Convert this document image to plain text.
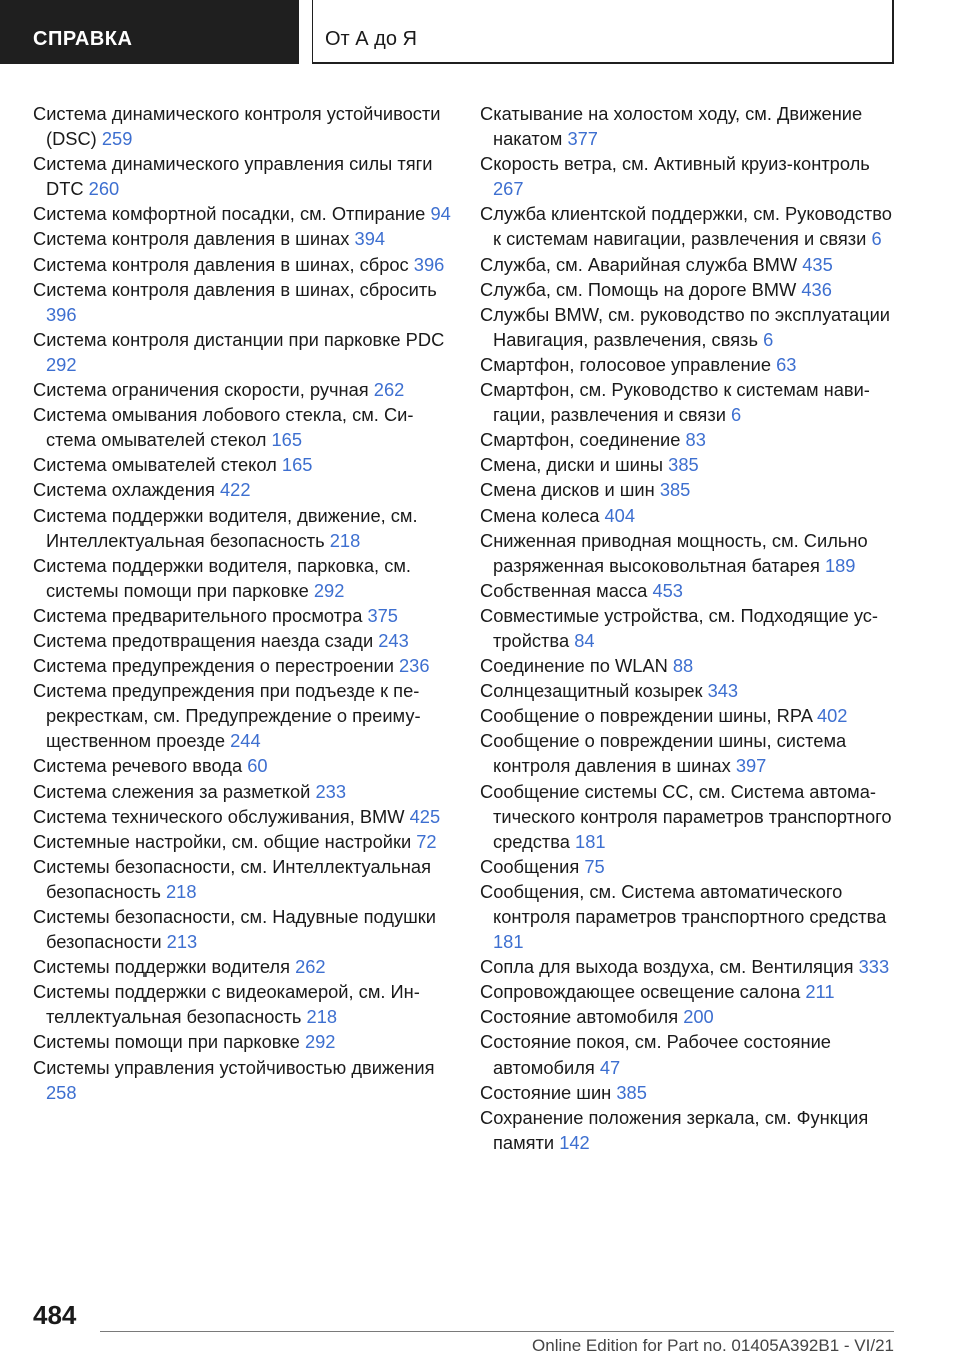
СПРАВКА	От А до Я

Система динамического контроля устойчивости (DSC) 259

Система динамического управления силы тяги DTC 260

Система комфортной посадки, см. Отпирание 94

Система контроля давления в шинах 394

Система контроля давления в шинах, сброс 396

Система контроля давления в шинах, сбросить 396

Система контроля дистанции при парковке PDC 292

Система ограничения скорости, ручная 262

Система омывания лобового стекла, см. Система омывателей стекол 165

Система омывателей стекол 165

Система охлаждения 422

Система поддержки водителя, движение, см. Интеллектуальная безопасность 218

Система поддержки водителя, парковка, см. системы помощи при парковке 292

Система предварительного просмотра 375

Система предотвращения наезда сзади 243

Система предупреждения о перестроении 236

Система предупреждения при подъезде к перекресткам, см. Предупреждение о преимущественном проезде 244

Система речевого ввода 60

Система слежения за разметкой 233

Система технического обслуживания, BMW 425

Системные настройки, см. общие настройки 72

Системы безопасности, см. Интеллектуальная безопасность 218

Системы безопасности, см. Надувные подушки безопасности 213

Системы поддержки водителя 262

Системы поддержки с видеокамерой, см. Интеллектуальная безопасность 218

Системы помощи при парковке 292

Системы управления устойчивостью движения 258

Скатывание на холостом ходу, см. Движение накатом 377

Скорость ветра, см. Активный круиз-контроль 267

Служба клиентской поддержки, см. Руководство к системам навигации, развлечения и связи 6

Служба, см. Аварийная служба BMW 435

Служба, см. Помощь на дороге BMW 436

Службы BMW, см. руководство по эксплуатации Навигация, развлечения, связь 6

Смартфон, голосовое управление 63

Смартфон, см. Руководство к системам навигации, развлечения и связи 6

Смартфон, соединение 83

Смена, диски и шины 385

Смена дисков и шин 385

Смена колеса 404

Сниженная приводная мощность, см. Сильно разряженная высоковольтная батарея 189

Собственная масса 453

Совместимые устройства, см. Подходящие устройства 84

Соединение по WLAN 88

Солнцезащитный козырек 343

Сообщение о повреждении шины, RPA 402

Сообщение о повреждении шины, система контроля давления в шинах 397

Сообщение системы CC, см. Система автоматического контроля параметров транспортного средства 181

Сообщения 75

Сообщения, см. Система автоматического контроля параметров транспортного средства 181

Сопла для выхода воздуха, см. Вентиляция 333

Сопровождающее освещение салона 211

Состояние автомобиля 200

Состояние покоя, см. Рабочее состояние автомобиля 47

Состояние шин 385

Сохранение положения зеркала, см. Функция памяти 142

484
Online Edition for Part no. 01405A392B1 - VI/21
